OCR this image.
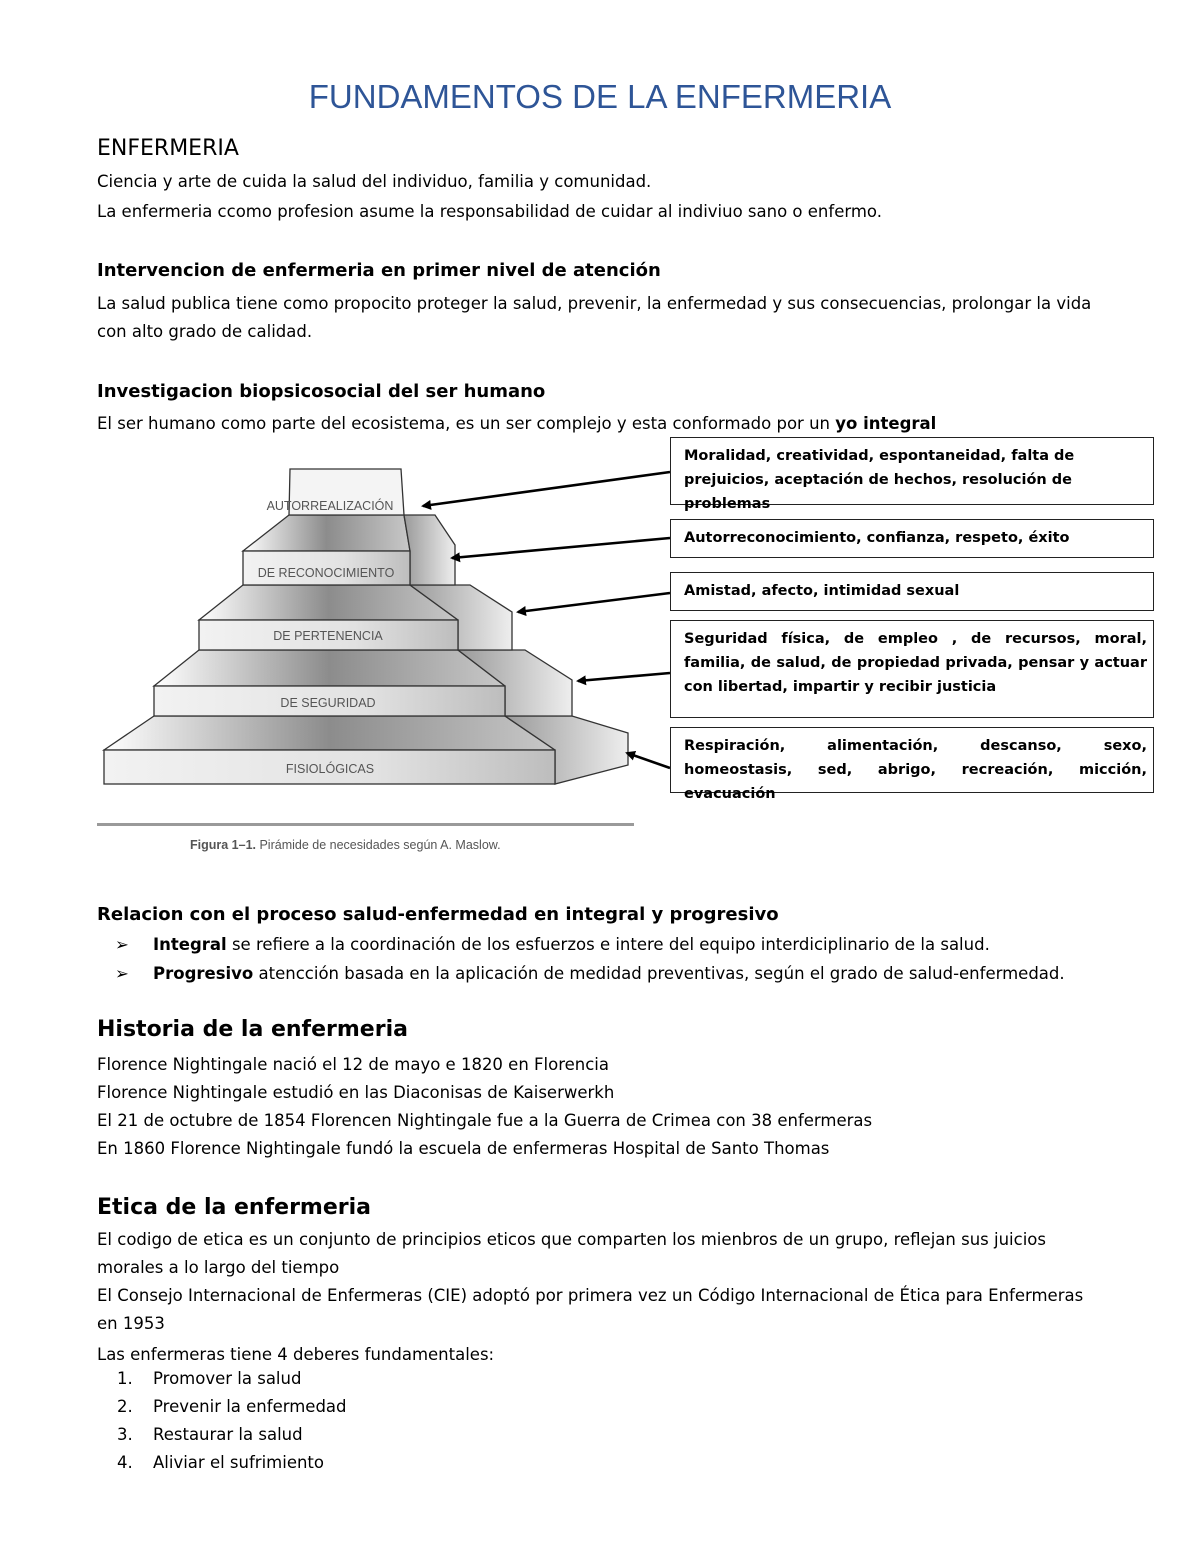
FUNDAMENTOS DE LA ENFERMERIA
ENFERMERIA
Ciencia y arte de cuida la salud del individuo, familia y comunidad.
La enfermeria ccomo profesion asume la responsabilidad de cuidar al indiviuo sano o enfermo.
Intervencion de enfermeria en primer nivel de atención
La salud publica tiene como propocito proteger la salud, prevenir, la enfermedad y sus consecuencias, prolongar la vida
con alto grado de calidad.
Investigacion biopsicosocial del ser humano
El ser humano como parte del ecosistema, es un ser complejo y esta conformado por un yo integral
AUTORREALIZACIÓN
DE RECONOCIMIENTO
DE PERTENENCIA
DE SEGURIDAD
FISIOLÓGICAS
Figura 1–1. Pirámide de necesidades según A. Maslow.
Moralidad, creatividad, espontaneidad, falta de prejuicios, aceptación de hechos, resolución de problemas
Autorreconocimiento, confianza, respeto, éxito
Amistad, afecto, intimidad sexual
Seguridad física, de empleo , de recursos, moral, familia, de salud, de propiedad privada, pensar y actuar con libertad, impartir y recibir justicia
Respiración, alimentación, descanso, sexo, homeostasis, sed, abrigo, recreación, micción, evacuación
Relacion con el proceso salud-enfermedad en integral y progresivo
➢ Integral se refiere a la coordinación de los esfuerzos e intere del equipo interdiciplinario de la salud.
➢ Progresivo atencción basada en la aplicación de medidad preventivas, según el grado de salud-enfermedad.
Historia de la enfermeria
Florence Nightingale nació el 12 de mayo e 1820 en Florencia
Florence Nightingale estudió en las Diaconisas de Kaiserwerkh
El 21 de octubre de 1854 Florencen Nightingale fue a la Guerra de Crimea con 38 enfermeras
En 1860 Florence Nightingale fundó la escuela de enfermeras Hospital de Santo Thomas
Etica de la enfermeria
El codigo de etica es un conjunto de principios eticos que comparten los mienbros de un grupo, reflejan sus juicios
morales a lo largo del tiempo
El Consejo Internacional de Enfermeras (CIE) adoptó por primera vez un Código Internacional de Ética para Enfermeras
en 1953
Las enfermeras tiene 4 deberes fundamentales:
1. Promover la salud
2. Prevenir la enfermedad
3. Restaurar la salud
4. Aliviar el sufrimiento
